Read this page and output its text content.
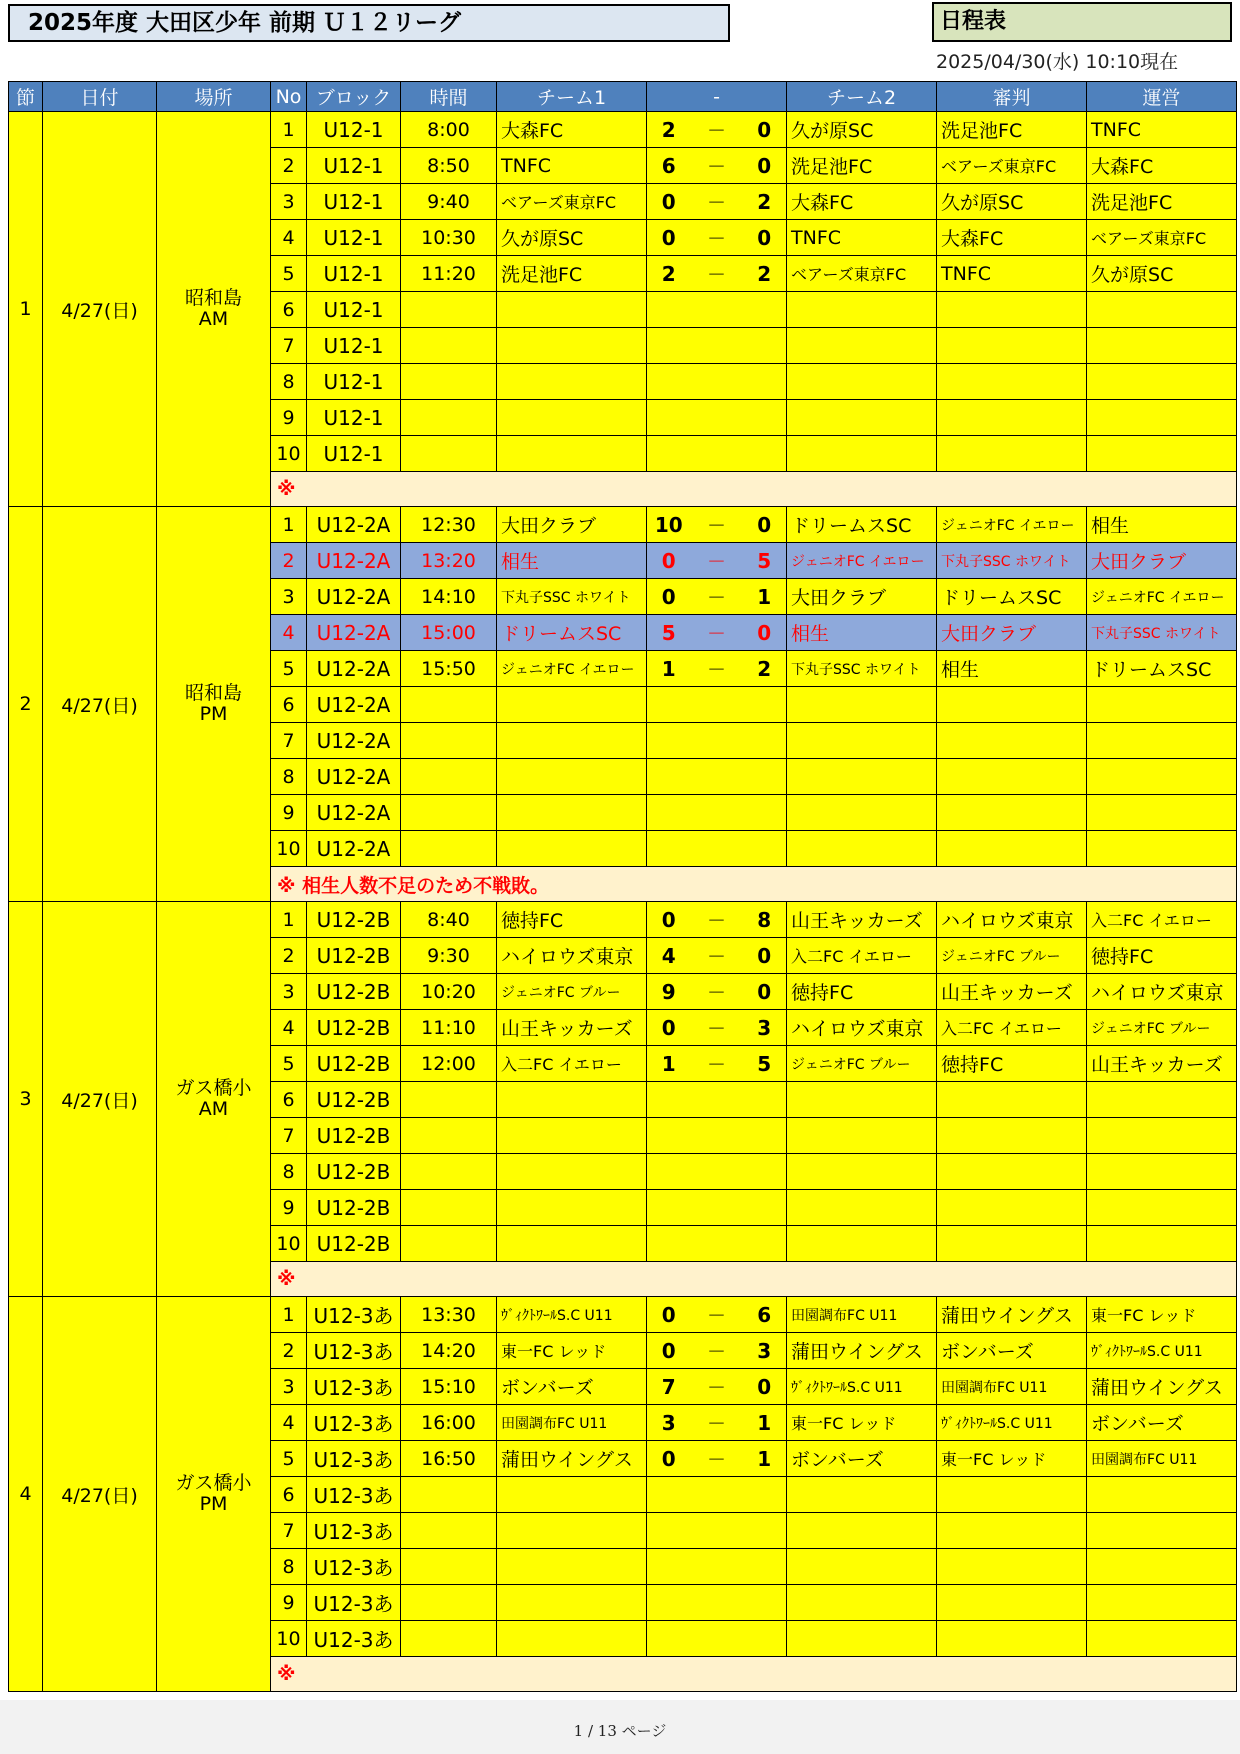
2025年度 大田区少年 前期 Ｕ１２リーグ	日程表
2025/04/30(水) 10:10現在
節	日付	場所	No	ブロック	時間	チーム1	-			チーム2	審判	運営
1	4/27(日)	昭和島
AM	1	U12-1	8:00	大森FC	2	－	0	久が原SC	洗足池FC	TNFC
			2	U12-1	8:50	TNFC	6	－	0	洗足池FC	ベアーズ東京FC	大森FC
			3	U12-1	9:40	ベアーズ東京FC	0	－	2	大森FC	久が原SC	洗足池FC
			4	U12-1	10:30	久が原SC	0	－	0	TNFC	大森FC	ベアーズ東京FC
			5	U12-1	11:20	洗足池FC	2	－	2	ベアーズ東京FC	TNFC	久が原SC
			6	U12-1								
			7	U12-1								
			8	U12-1								
			9	U12-1								
			10	U12-1								
			※									
2	4/27(日)	昭和島
PM	1	U12-2A	12:30	大田クラブ	10	－	0	ドリームスSC	ジェニオFC イエロー	相生
			2	U12-2A	13:20	相生	0	－	5	ジェニオFC イエロー	下丸子SSC ホワイト	大田クラブ
			3	U12-2A	14:10	下丸子SSC ホワイト	0	－	1	大田クラブ	ドリームスSC	ジェニオFC イエロー
			4	U12-2A	15:00	ドリームスSC	5	－	0	相生	大田クラブ	下丸子SSC ホワイト
			5	U12-2A	15:50	ジェニオFC イエロー	1	－	2	下丸子SSC ホワイト	相生	ドリームスSC
			6	U12-2A								
			7	U12-2A								
			8	U12-2A								
			9	U12-2A								
			10	U12-2A								
			※ 相生人数不足のため不戦敗。									
3	4/27(日)	ガス橋小
AM	1	U12-2B	8:40	徳持FC	0	－	8	山王キッカーズ	ハイロウズ東京	入二FC イエロー
			2	U12-2B	9:30	ハイロウズ東京	4	－	0	入二FC イエロー	ジェニオFC ブルー	徳持FC
			3	U12-2B	10:20	ジェニオFC ブルー	9	－	0	徳持FC	山王キッカーズ	ハイロウズ東京
			4	U12-2B	11:10	山王キッカーズ	0	－	3	ハイロウズ東京	入二FC イエロー	ジェニオFC ブルー
			5	U12-2B	12:00	入二FC イエロー	1	－	5	ジェニオFC ブルー	徳持FC	山王キッカーズ
			6	U12-2B								
			7	U12-2B								
			8	U12-2B								
			9	U12-2B								
			10	U12-2B								
			※									
4	4/27(日)	ガス橋小
PM	1	U12-3あ	13:30	ｳﾞｨｸﾄﾜｰﾙS.C U11	0	－	6	田園調布FC U11	蒲田ウイングス	東一FC レッド
			2	U12-3あ	14:20	東一FC レッド	0	－	3	蒲田ウイングス	ボンバーズ	ｳﾞｨｸﾄﾜｰﾙS.C U11
			3	U12-3あ	15:10	ボンバーズ	7	－	0	ｳﾞｨｸﾄﾜｰﾙS.C U11	田園調布FC U11	蒲田ウイングス
			4	U12-3あ	16:00	田園調布FC U11	3	－	1	東一FC レッド	ｳﾞｨｸﾄﾜｰﾙS.C U11	ボンバーズ
			5	U12-3あ	16:50	蒲田ウイングス	0	－	1	ボンバーズ	東一FC レッド	田園調布FC U11
			6	U12-3あ								
			7	U12-3あ								
			8	U12-3あ								
			9	U12-3あ								
			10	U12-3あ								
			※									
1 / 13 ページ
